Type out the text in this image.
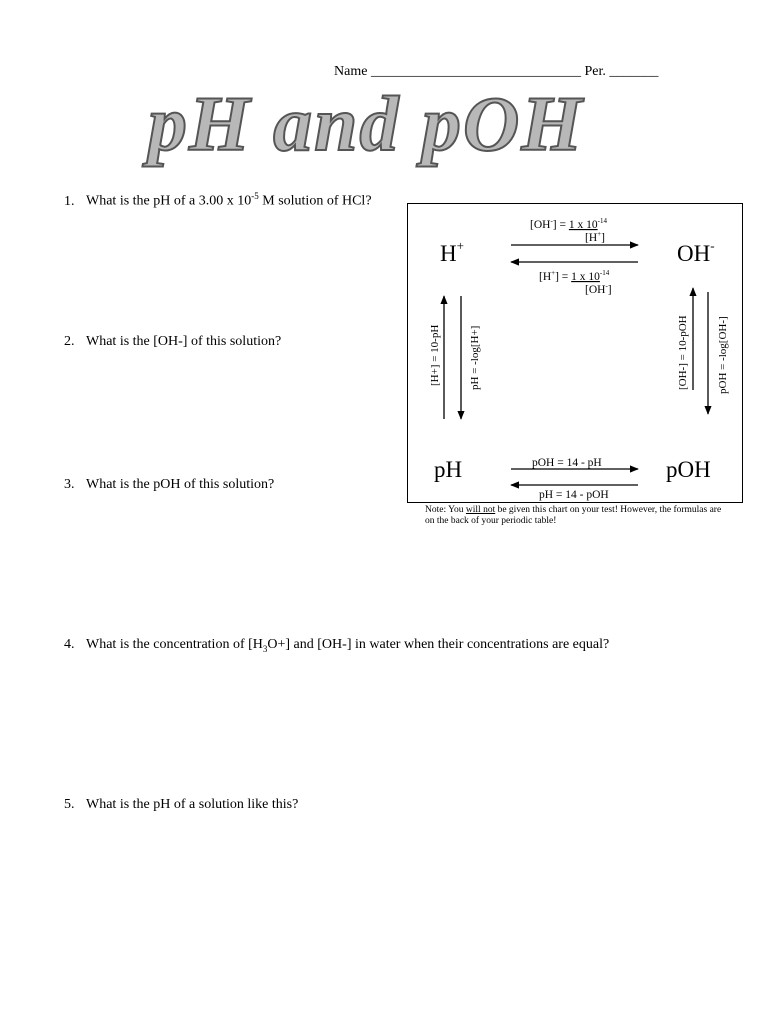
Name ______________________________ Per. _______
pH and pOH
1. What is the pH of a 3.00 x $10^{-5}$ M solution of HCl?
2. What is the [OH-] of this solution?
3. What is the pOH of this solution?
4. What is the concentration of $[H_3O+]$ and [OH-] in water when their concentrations are equal?
5. What is the pH of a solution like this?
H+	OH-
pH	pOH
[OH-] = 1 x $10^{-14}$
[H+]
[H+] = 1 x $10^{-14}$
[OH-]
[H+] = 10-pH	pH = -log[H+]	[OH-] = 10-pOH	pOH = -log[OH-]
pOH = 14 - pH
pH = 14 - pOH
Note: You will not be given this chart on your test! However, the formulas are on the back of your periodic table!
